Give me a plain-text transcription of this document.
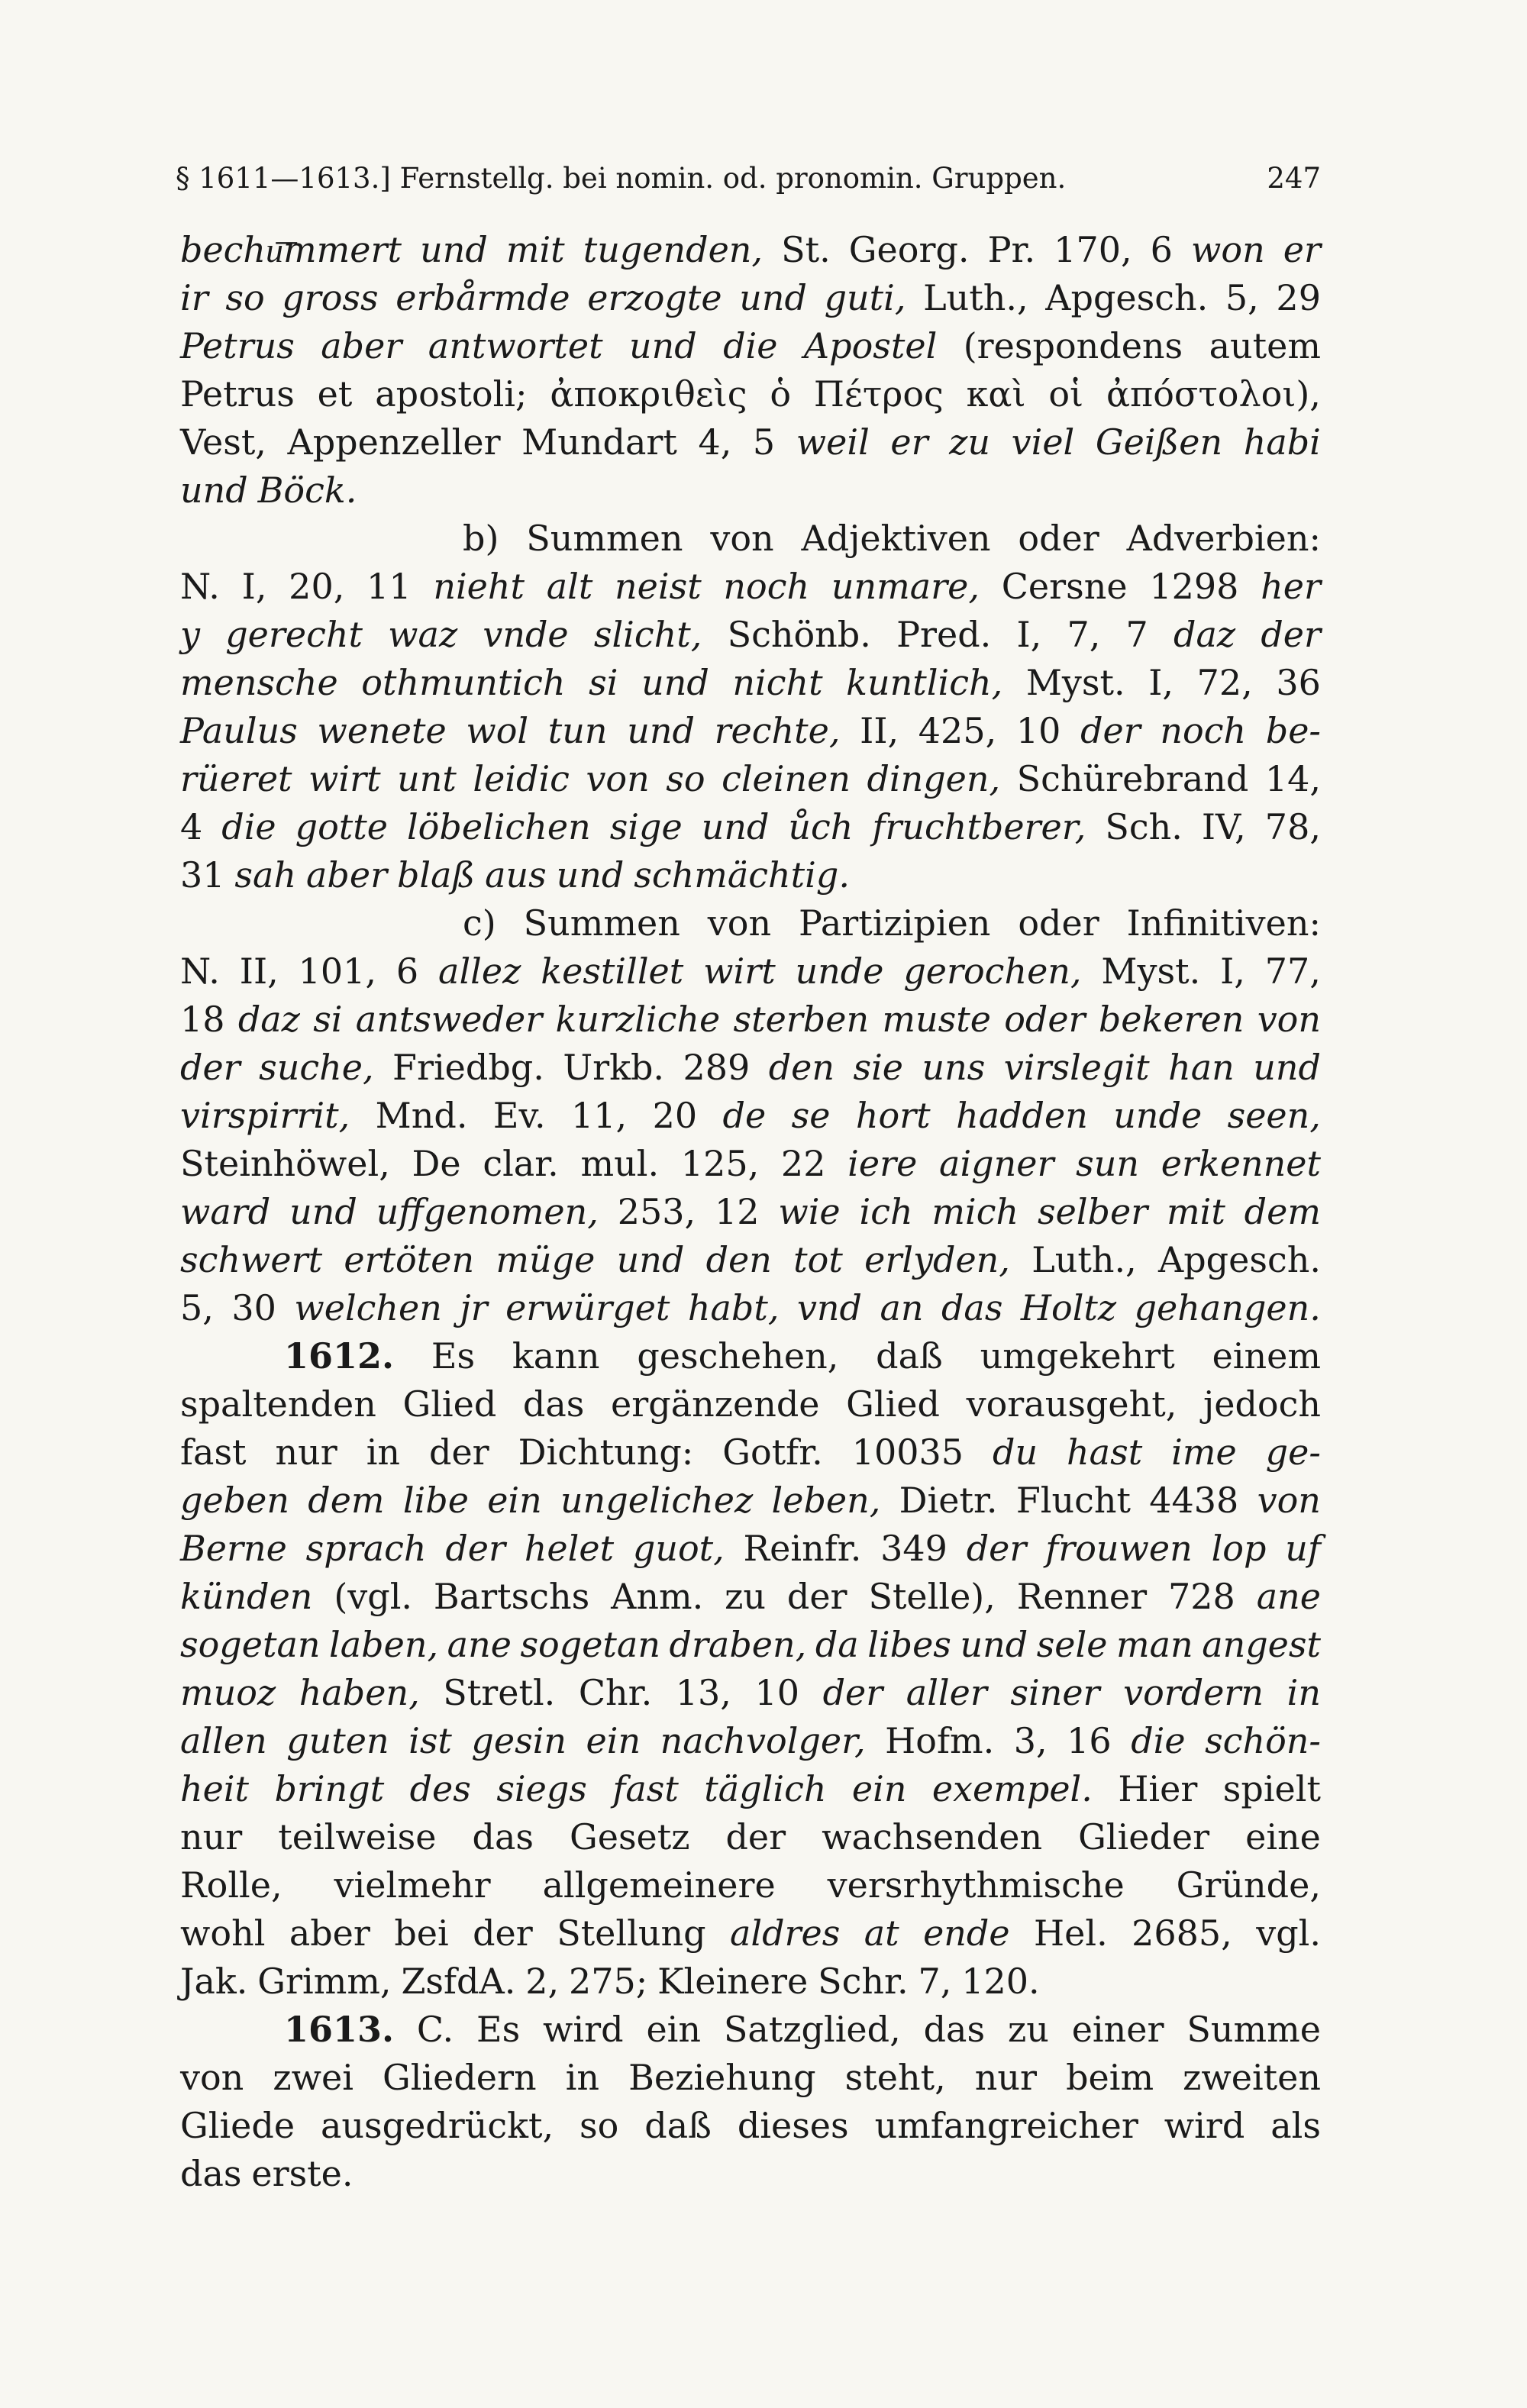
§ 1611—1613.] Fernstellg. bei nomin. od. pronomin. Gruppen.	247
bechu͞mmert und mit tugenden, St. Georg. Pr. 170, 6 won er
ir so gross erbårmde erzogte und guti, Luth., Apgesch. 5, 29
Petrus aber antwortet und die Apostel (respondens autem
Petrus et apostoli; ἀποκριθεὶς ὁ Πέτρος καὶ οἱ ἀπόστολοι),
Vest, Appenzeller Mundart 4, 5 weil er zu viel Geißen habi
und Böck.
b) Summen von Adjektiven oder Adverbien:
N. I, 20, 11 nieht alt neist noch unmare, Cersne 1298 her
y gerecht waz vnde slicht, Schönb. Pred. I, 7, 7 daz der
mensche othmuntich si und nicht kuntlich, Myst. I, 72, 36
Paulus wenete wol tun und rechte, II, 425, 10 der noch be-
rüeret wirt unt leidic von so cleinen dingen, Schürebrand 14,
4 die gotte löbelichen sige und ůch fruchtberer, Sch. IV, 78,
31 sah aber blaß aus und schmächtig.
c) Summen von Partizipien oder Infinitiven:
N. II, 101, 6 allez kestillet wirt unde gerochen, Myst. I, 77,
18 daz si antsweder kurzliche sterben muste oder bekeren von
der suche, Friedbg. Urkb. 289 den sie uns virslegit han und
virspirrit, Mnd. Ev. 11, 20 de se hort hadden unde seen,
Steinhöwel, De clar. mul. 125, 22 iere aigner sun erkennet
ward und uffgenomen, 253, 12 wie ich mich selber mit dem
schwert ertöten müge und den tot erlyden, Luth., Apgesch.
5, 30 welchen jr erwürget habt, vnd an das Holtz gehangen.
1612. Es kann geschehen, daß umgekehrt einem
spaltenden Glied das ergänzende Glied vorausgeht, jedoch
fast nur in der Dichtung: Gotfr. 10035 du hast ime ge-
geben dem libe ein ungelichez leben, Dietr. Flucht 4438 von
Berne sprach der helet guot, Reinfr. 349 der frouwen lop uf
künden (vgl. Bartschs Anm. zu der Stelle), Renner 728 ane
sogetan laben, ane sogetan draben, da libes und sele man angest
muoz haben, Stretl. Chr. 13, 10 der aller siner vordern in
allen guten ist gesin ein nachvolger, Hofm. 3, 16 die schön-
heit bringt des siegs fast täglich ein exempel. Hier spielt
nur teilweise das Gesetz der wachsenden Glieder eine
Rolle, vielmehr allgemeinere versrhythmische Gründe,
wohl aber bei der Stellung aldres at ende Hel. 2685, vgl.
Jak. Grimm, ZsfdA. 2, 275; Kleinere Schr. 7, 120.
1613. C. Es wird ein Satzglied, das zu einer Summe
von zwei Gliedern in Beziehung steht, nur beim zweiten
Gliede ausgedrückt, so daß dieses umfangreicher wird als
das erste.
